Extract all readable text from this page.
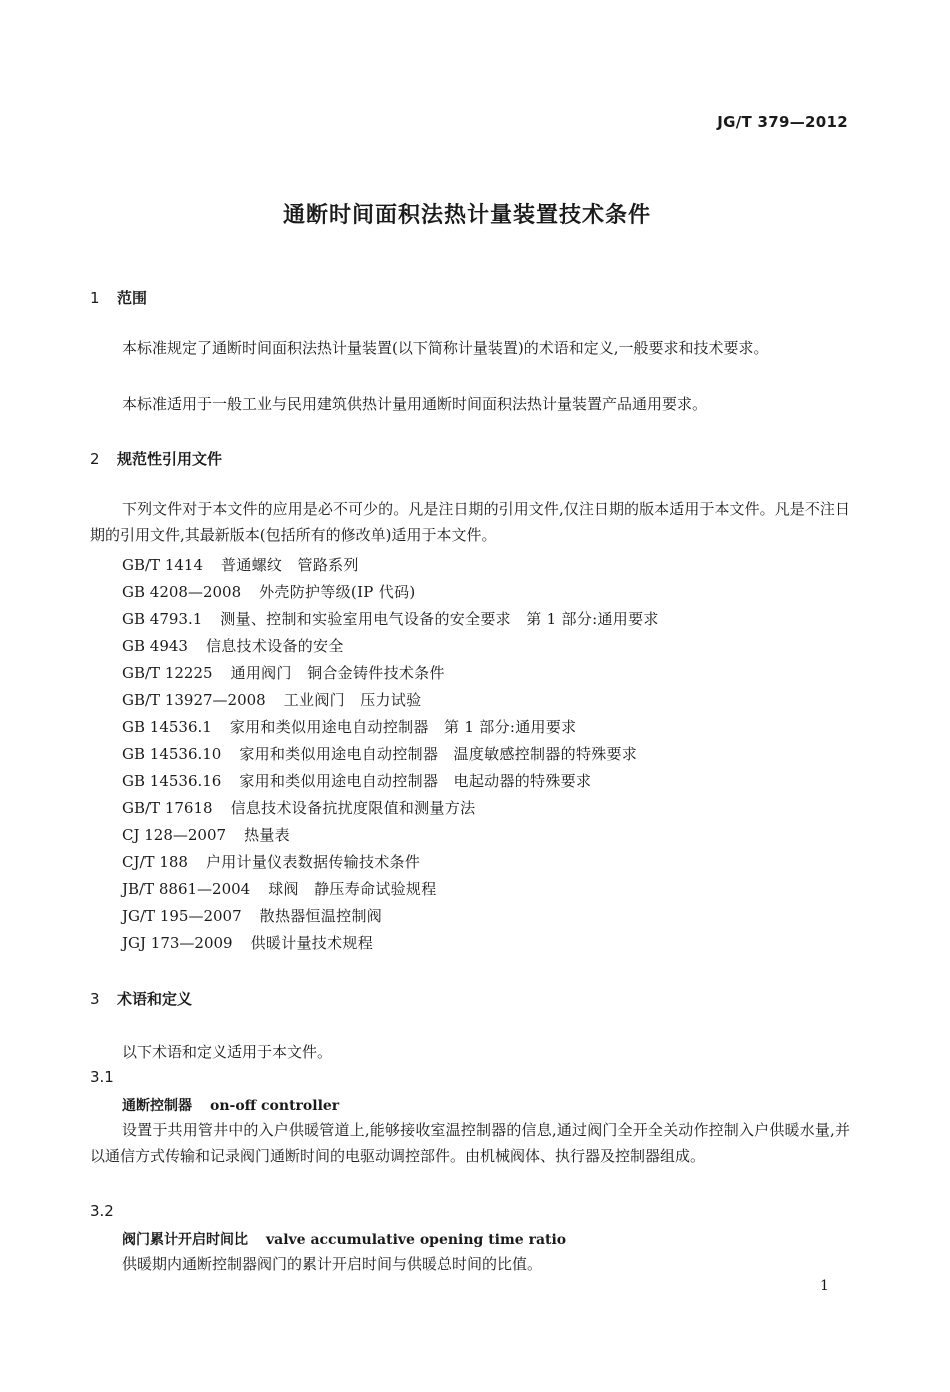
JG/T 379—2012
通断时间面积法热计量装置技术条件
1 范围

本标准规定了通断时间面积法热计量装置(以下简称计量装置)的术语和定义,一般要求和技术要求。

本标准适用于一般工业与民用建筑供热计量用通断时间面积法热计量装置产品通用要求。

2 规范性引用文件

下列文件对于本文件的应用是必不可少的。凡是注日期的引用文件,仅注日期的版本适用于本文件。凡是不注日期的引用文件,其最新版本(包括所有的修改单)适用于本文件。

GB/T 1414 普通螺纹　管路系列
GB 4208—2008 外壳防护等级(IP 代码)
GB 4793.1 测量、控制和实验室用电气设备的安全要求　第 1 部分:通用要求
GB 4943 信息技术设备的安全
GB/T 12225 通用阀门　铜合金铸件技术条件
GB/T 13927—2008 工业阀门　压力试验
GB 14536.1 家用和类似用途电自动控制器　第 1 部分:通用要求
GB 14536.10 家用和类似用途电自动控制器　温度敏感控制器的特殊要求
GB 14536.16 家用和类似用途电自动控制器　电起动器的特殊要求
GB/T 17618 信息技术设备抗扰度限值和测量方法
CJ 128—2007 热量表
CJ/T 188 户用计量仪表数据传输技术条件
JB/T 8861—2004 球阀　静压寿命试验规程
JG/T 195—2007 散热器恒温控制阀
JGJ 173—2009 供暖计量技术规程
3 术语和定义
以下术语和定义适用于本文件。
3.1
通断控制器 on-off controller

设置于共用管井中的入户供暖管道上,能够接收室温控制器的信息,通过阀门全开全关动作控制入户供暖水量,并以通信方式传输和记录阀门通断时间的电驱动调控部件。由机械阀体、执行器及控制器组成。

3.2
阀门累计开启时间比 valve accumulative opening time ratio

供暖期内通断控制器阀门的累计开启时间与供暖总时间的比值。

1
